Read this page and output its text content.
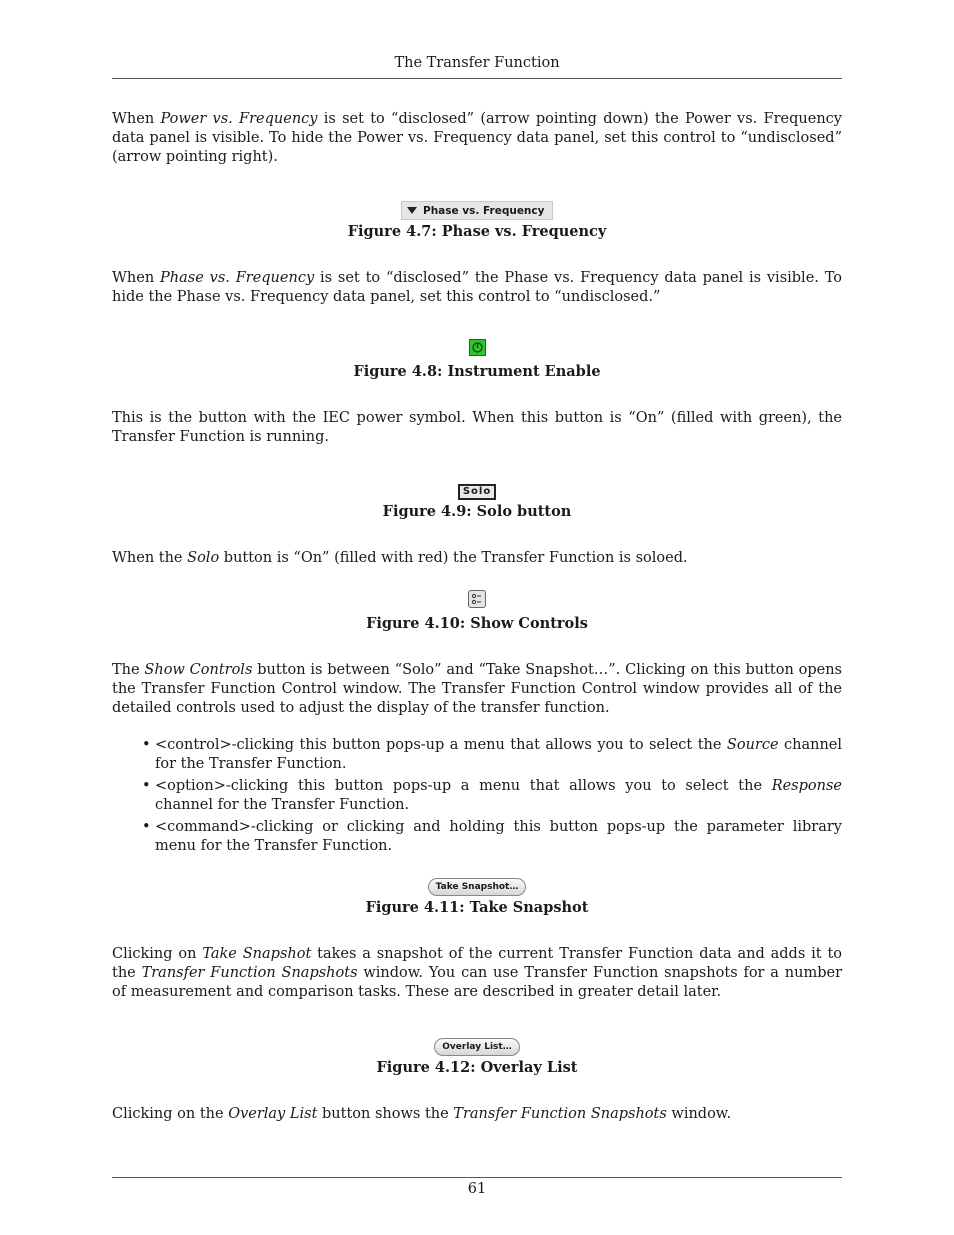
The Transfer Function

When Power vs. Frequency is set to “disclosed” (arrow pointing down) the Power vs. Frequency data panel is visible. To hide the Power vs. Frequency data panel, set this control to “undisclosed” (arrow pointing right).

Phase vs. Frequency
Figure 4.7: Phase vs. Frequency

When Phase vs. Frequency is set to “disclosed” the Phase vs. Frequency data panel is visible. To hide the Phase vs. Frequency data panel, set this control to “undisclosed.”

Figure 4.8: Instrument Enable

This is the button with the IEC power symbol. When this button is “On” (filled with green), the Transfer Function is running.

Solo
Figure 4.9: Solo button

When the Solo button is “On” (filled with red) the Transfer Function is soloed.

Figure 4.10: Show Controls

The Show Controls button is between “Solo” and “Take Snapshot…”. Clicking on this button opens the Transfer Function Control window. The Transfer Function Control window provides all of the detailed controls used to adjust the display of the transfer function.

• <control>-clicking this button pops-up a menu that allows you to select the Source channel for the Transfer Function.
• <option>-clicking this button pops-up a menu that allows you to select the Response channel for the Transfer Function.
• <command>-clicking or clicking and holding this button pops-up the parameter library menu for the Transfer Function.
Take Snapshot…
Figure 4.11: Take Snapshot

Clicking on Take Snapshot takes a snapshot of the current Transfer Function data and adds it to the Transfer Function Snapshots window. You can use Transfer Function snapshots for a number of measurement and comparison tasks. These are described in greater detail later.

Overlay List…
Figure 4.12: Overlay List

Clicking on the Overlay List button shows the Transfer Function Snapshots window.

61
